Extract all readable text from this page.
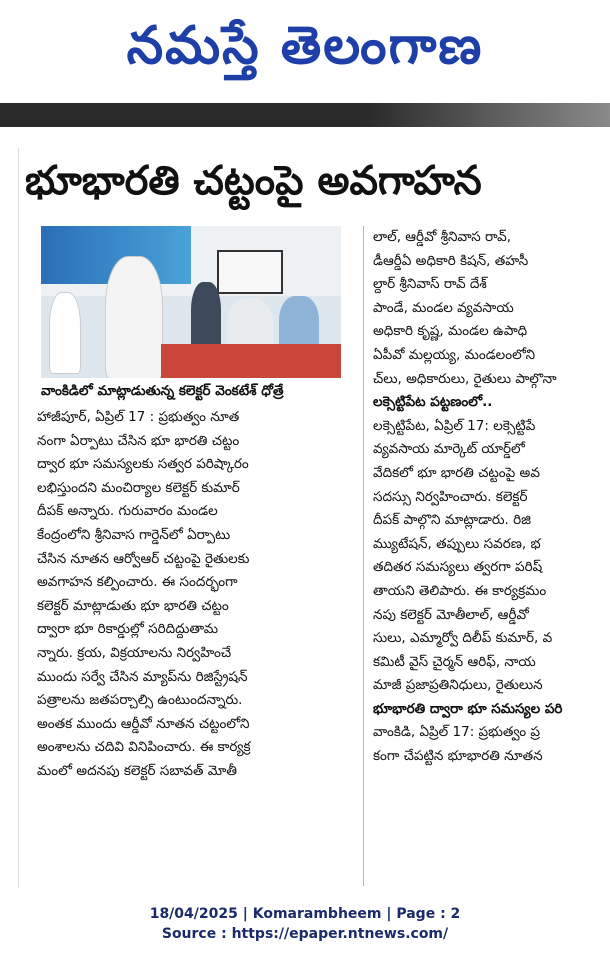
నమస్తే తెలంగాణ
భూభారతి చట్టంపై అవగాహన
వాంకిడిలో మాట్లాడుతున్న కలెక్టర్ వెంకటేశ్ ధోత్రే

హాజీపూర్, ఏప్రిల్ 17 : ప్రభుత్వం నూత

నంగా ఏర్పాటు చేసిన భూ భారతి చట్టం

ద్వార భూ సమస్యలకు సత్వర పరిష్కారం

లభిస్తుందని మంచిర్యాల కలెక్టర్ కుమార్

దీపక్ అన్నారు. గురువారం మండల

కేంద్రంలోని శ్రీనివాస గార్డెన్‌లో ఏర్పాటు

చేసిన నూతన ఆర్వోఆర్ చట్టంపై రైతులకు

అవగాహన కల్పించారు. ఈ సందర్భంగా

కలెక్టర్ మాట్లాడుతు భూ భారతి చట్టం

ద్వారా భూ రికార్డుల్లో సరిదిద్దుతామ

న్నారు. క్రయ, విక్రయాలను నిర్వహించే

ముందు సర్వే చేసిన మ్యాప్‌ను రిజిస్ట్రేషన్

పత్రాలను జతపర్చాల్సి ఉంటుందన్నారు.

అంతక ముందు ఆర్డీవో నూతన చట్టంలోని

అంశాలను చదివి వినిపించారు. ఈ కార్యక్ర

మంలో అదనపు కలెక్టర్ సబావత్ మోతీ

లాల్, ఆర్డీవో శ్రీనివాస రావ్,

డీఆర్డీఏ అధికారి కిషన్, తహసీ

ల్దార్ శ్రీనివాస్ రావ్ దేశ్

పాండే, మండల వ్యవసాయ

అధికారి కృష్ణ, మండల ఉపాధి

ఏపీవో మల్లయ్య, మండలంలోని

చ్‌లు, అధికారులు, రైతులు పాల్గొనా

లక్సెట్టిపేట పట్టణంలో..

లక్సెట్టిపేట, ఏప్రిల్ 17: లక్సెట్టిపే

వ్యవసాయ మార్కెట్ యార్డ్‌లో

వేదికలో భూ భారతి చట్టంపై అవ

సదస్సు నిర్వహించారు. కలెక్టర్

దీపక్ పాల్గొని మాట్లాడారు. రిజి

మ్యుటేషన్, తప్పులు సవరణ, భ

తదితర సమస్యలు త్వరగా పరిష్

తాయని తెలిపారు. ఈ కార్యక్రమం

నపు కలెక్టర్ మోతీలాల్, ఆర్డీవో

సులు, ఎమ్మార్వో దిలీప్ కుమార్, వ

కమిటీ వైస్ చైర్మన్ ఆరిఫ్, నాయ

మాజీ ప్రజాప్రతినిధులు, రైతులున

భూభారతి ద్వారా భూ సమస్యల పరి

వాంకిడి, ఏప్రిల్ 17: ప్రభుత్వం ప్ర

కంగా చేపట్టిన భూభారతి నూతన

18/04/2025 | Komarambheem | Page : 2
Source : https://epaper.ntnews.com/
